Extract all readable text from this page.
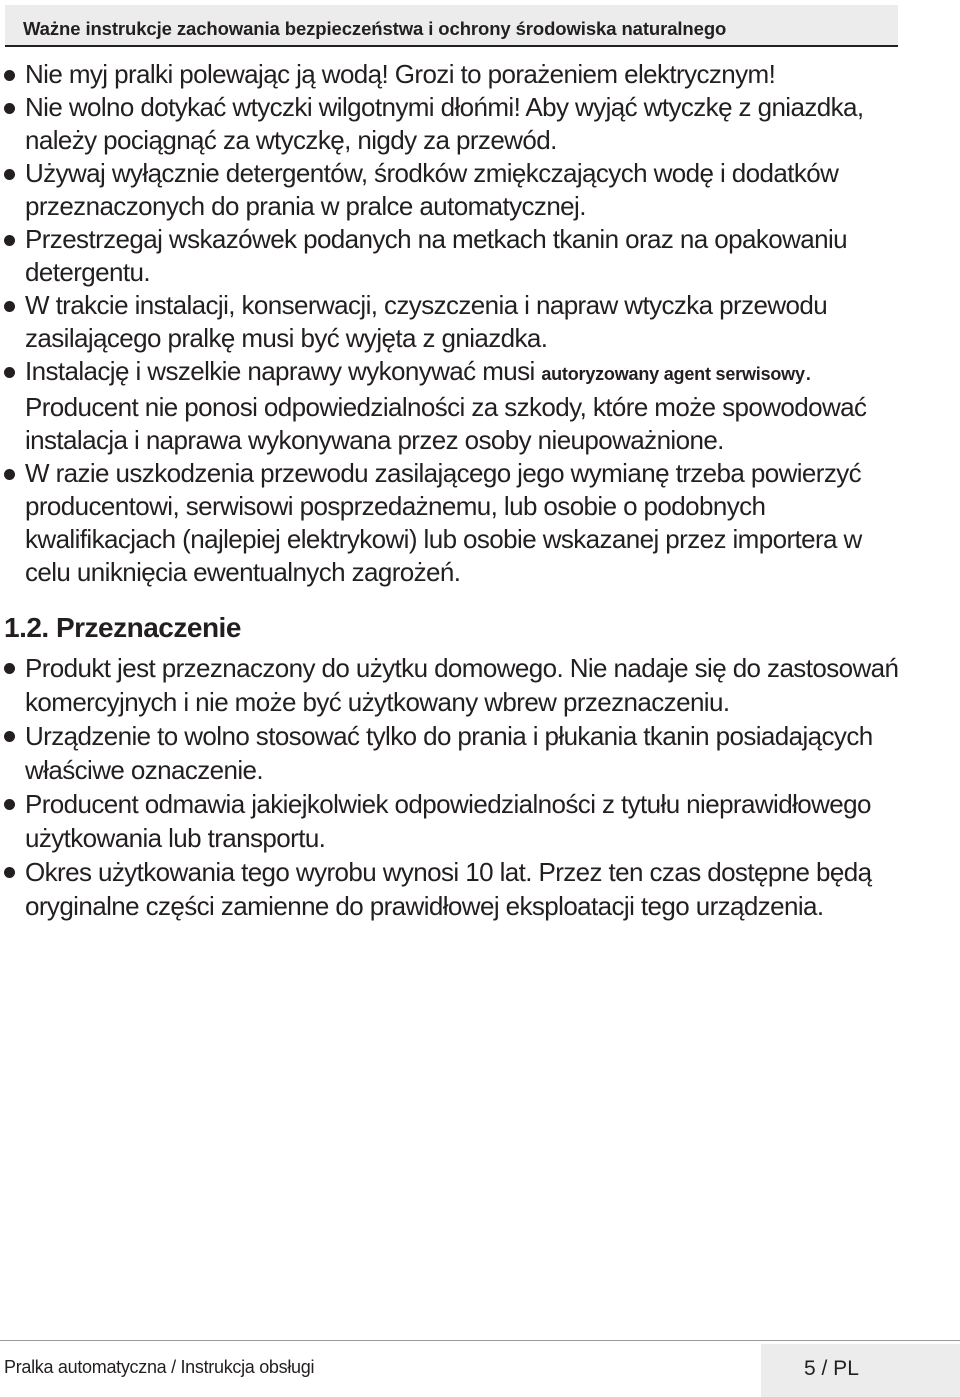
Ważne instrukcje zachowania bezpieczeństwa i ochrony środowiska naturalnego
Nie myj pralki polewając ją wodą! Grozi to porażeniem elektrycznym!
Nie wolno dotykać wtyczki wilgotnymi dłońmi! Aby wyjąć wtyczkę z gniazdka, należy pociągnąć za wtyczkę, nigdy za przewód.
Używaj wyłącznie detergentów, środków zmiękczających wodę i dodatków przeznaczonych do prania w pralce automatycznej.
Przestrzegaj wskazówek podanych na metkach tkanin oraz na opakowaniu detergentu.
W trakcie instalacji, konserwacji, czyszczenia i napraw wtyczka przewodu zasilającego pralkę musi być wyjęta z gniazdka.
Instalację i wszelkie naprawy wykonywać musi autoryzowany agent serwisowy. Producent nie ponosi odpowiedzialności za szkody, które może spowodować instalacja i naprawa wykonywana przez osoby nieupoważnione.
W razie uszkodzenia przewodu zasilającego jego wymianę trzeba powierzyć producentowi, serwisowi posprzedażnemu, lub osobie o podobnych kwalifikacjach (najlepiej elektrykowi) lub osobie wskazanej przez importera w celu uniknięcia ewentualnych zagrożeń.
1.2. Przeznaczenie
Produkt jest przeznaczony do użytku domowego. Nie nadaje się do zastosowań komercyjnych i nie może być użytkowany wbrew przeznaczeniu.
Urządzenie to wolno stosować tylko do prania i płukania tkanin posiadających właściwe oznaczenie.
Producent odmawia jakiejkolwiek odpowiedzialności z tytułu nieprawidłowego użytkowania lub transportu.
Okres użytkowania tego wyrobu wynosi 10 lat. Przez ten czas dostępne będą oryginalne części zamienne do prawidłowej eksploatacji tego urządzenia.
Pralka automatyczna / Instrukcja obsługi	5 / PL
